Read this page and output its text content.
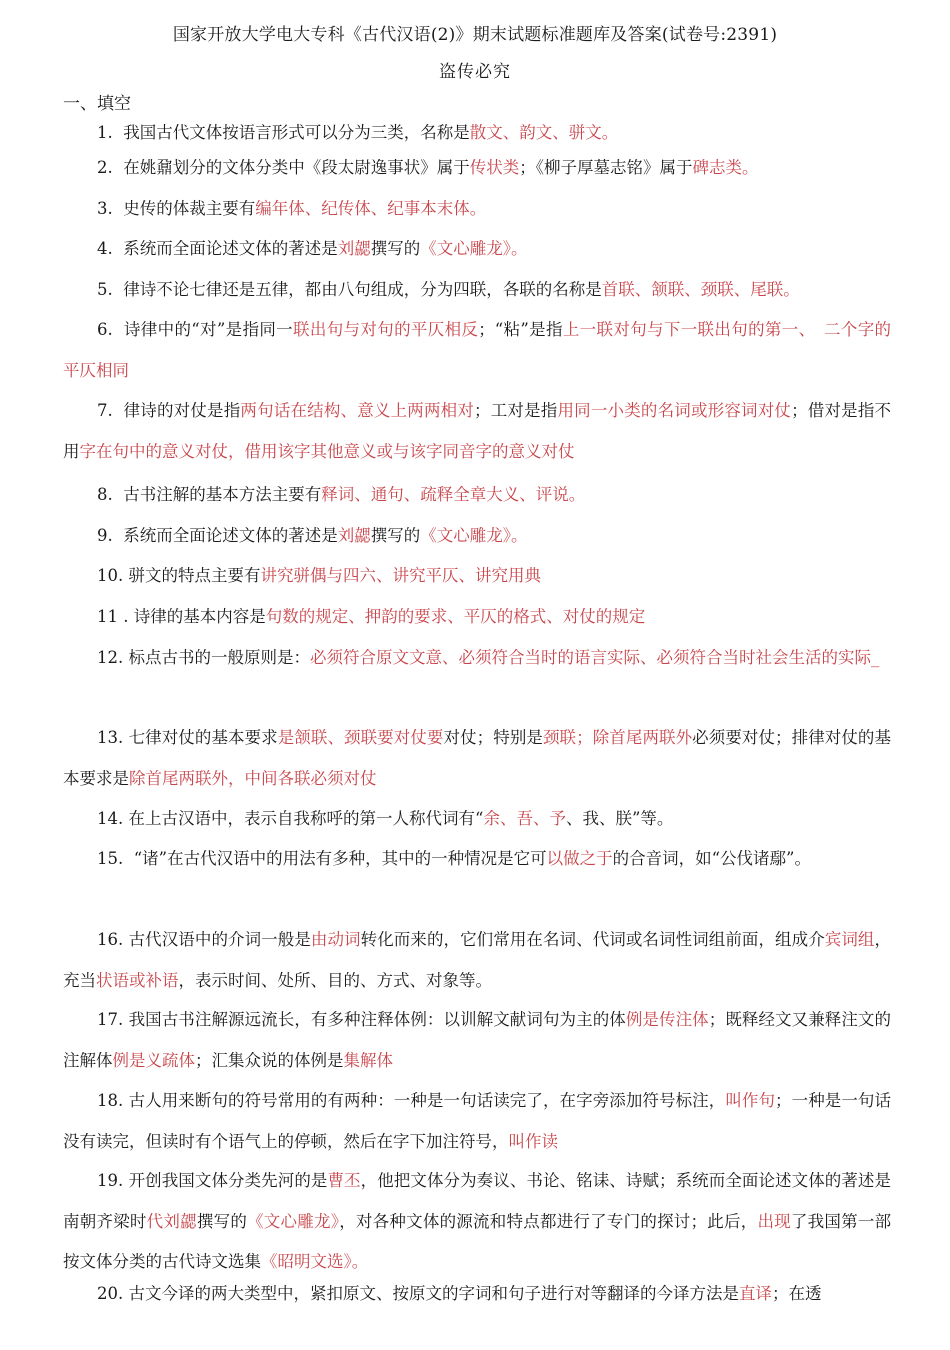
国家开放大学电大专科《古代汉语(2)》期末试题标准题库及答案(试卷号:2391)
盗传必究
一、填空

1.  我国古代文体按语言形式可以分为三类，名称是散文、韵文、骈文。

2.  在姚鼐划分的文体分类中《段太尉逸事状》属于传状类；《柳子厚墓志铭》属于碑志类。

3.  史传的体裁主要有编年体、纪传体、纪事本末体。

4.  系统而全面论述文体的著述是刘勰撰写的《文心雕龙》。

5.  律诗不论七律还是五律，都由八句组成，分为四联，各联的名称是首联、颔联、颈联、尾联。

6.  诗律中的“对”是指同一联出句与对句的平仄相反；“粘”是指上一联对句与下一联出句的第一、　二个字的平仄相同

7.  律诗的对仗是指两句话在结构、意义上两两相对；工对是指用同一小类的名词或形容词对仗；借对是指不用字在句中的意义对仗，借用该字其他意义或与该字同音字的意义对仗

8.  古书注解的基本方法主要有释词、通句、疏释全章大义、评说。

9.  系统而全面论述文体的著述是刘勰撰写的《文心雕龙》。

10. 骈文的特点主要有讲究骈偶与四六、讲究平仄、讲究用典

11 . 诗律的基本内容是句数的规定、押韵的要求、平仄的格式、对仗的规定

12. 标点古书的一般原则是：必须符合原文文意、必须符合当时的语言实际、必须符合当时社会生活的实际_

13. 七律对仗的基本要求是颔联、颈联要对仗要对仗；特别是颈联；除首尾两联外必须要对仗；排律对仗的基本要求是除首尾两联外，中间各联必须对仗

14. 在上古汉语中，表示自我称呼的第一人称代词有“余、吾、予、我、朕”等。

15.  “诸”在古代汉语中的用法有多种，其中的一种情况是它可以做之于的合音词，如“公伐诸鄢”。

16. 古代汉语中的介词一般是由动词转化而来的，它们常用在名词、代词或名词性词组前面，组成介宾词组，充当状语或补语，表示时间、处所、目的、方式、对象等。

17. 我国古书注解源远流长，有多种注释体例：以训解文献词句为主的体例是传注体；既释经文又兼释注文的注解体例是义疏体；汇集众说的体例是集解体

18. 古人用来断句的符号常用的有两种：一种是一句话读完了，在字旁添加符号标注，叫作句；一种是一句话没有读完，但读时有个语气上的停顿，然后在字下加注符号，叫作读

19. 开创我国文体分类先河的是曹丕，他把文体分为奏议、书论、铭诔、诗赋；系统而全面论述文体的著述是南朝齐梁时代刘勰撰写的《文心雕龙》，对各种文体的源流和特点都进行了专门的探讨；此后，出现了我国第一部按文体分类的古代诗文选集《昭明文选》。

20. 古文今译的两大类型中，紧扣原文、按原文的字词和句子进行对等翻译的今译方法是直译；在透
